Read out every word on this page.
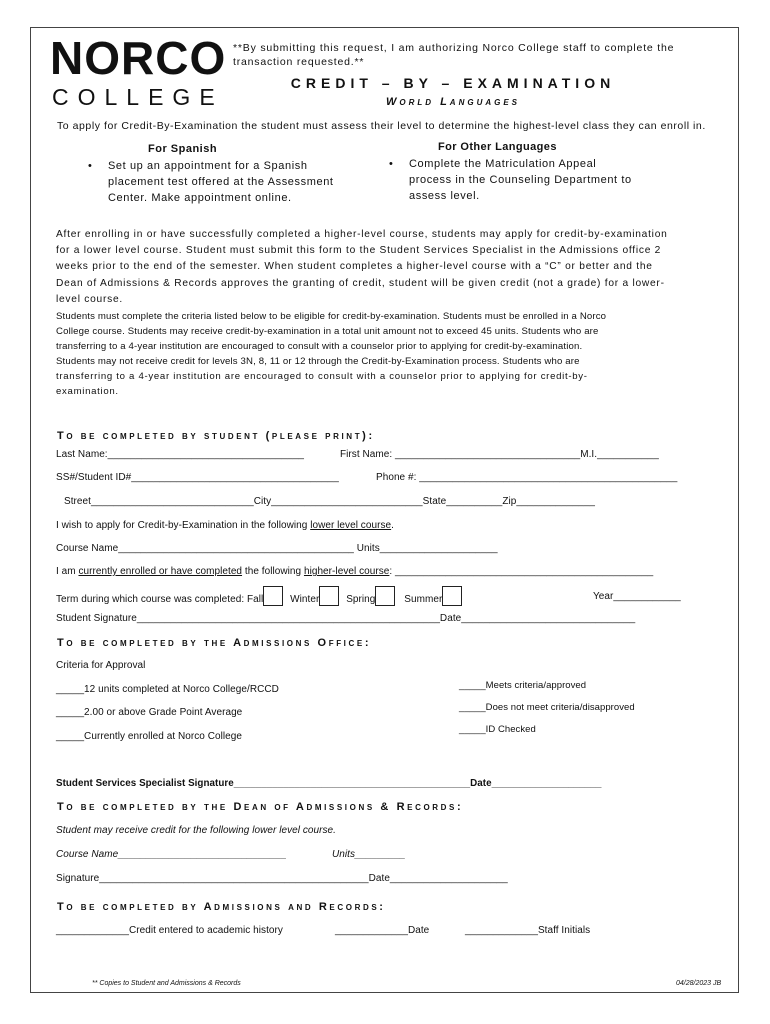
NORCO
COLLEGE
**By submitting this request, I am authorizing Norco College staff to complete the transaction requested.**
CREDIT – BY – EXAMINATION
World Languages
To apply for Credit-By-Examination the student must assess their level to determine the highest-level class they can enroll in.
For Spanish
• Set up an appointment for a Spanish
placement test offered at the Assessment
Center. Make appointment online.
For Other Languages
• Complete the Matriculation Appeal
process in the Counseling Department to
assess level.
After enrolling in or have successfully completed a higher-level course, students may apply for credit-by-examination
for a lower level course. Student must submit this form to the Student Services Specialist in the Admissions office 2
weeks prior to the end of the semester. When student completes a higher-level course with a “C” or better and the
Dean of Admissions & Records approves the granting of credit, student will be given credit (not a grade) for a lower-
level course.
Students must complete the criteria listed below to be eligible for credit-by-examination. Students must be enrolled in a Norco
College course. Students may receive credit-by-examination in a total unit amount not to exceed 45 units. Students who are
transferring to a 4-year institution are encouraged to consult with a counselor prior to applying for credit-by-examination.
Students may not receive credit for levels 3N, 8, 11 or 12 through the Credit-by-Examination process. Students who are
transferring to a 4-year institution are encouraged to consult with a counselor prior to applying for credit-by-
examination.
To be completed by student (please print):
Last Name:___________________________________	First Name: _________________________________M.I.___________
SS#/Student ID#_____________________________________	Phone #: ______________________________________________
Street_____________________________City___________________________State__________Zip______________
I wish to apply for Credit-by-Examination in the following lower level course.
Course Name__________________________________________ Units_____________________
I am currently enrolled or have completed the following higher-level course: ______________________________________________
Term during which course was completed: Fall	Winter	Spring	Summer	Year____________
Student Signature______________________________________________________Date_______________________________
To be completed by the Admissions Office:
Criteria for Approval
_____12 units completed at Norco College/RCCD
_____2.00 or above Grade Point Average
_____Currently enrolled at Norco College
_____Meets criteria/approved
_____Does not meet criteria/disapproved
_____ID Checked
Student Services Specialist Signature___________________________________________Date____________________
To be completed by the Dean of Admissions & Records:
Student may receive credit for the following lower level course.
Course Name______________________________	Units_________
Signature________________________________________________Date_____________________
To be completed by Admissions and Records:
_____________Credit entered to academic history	_____________Date	_____________Staff Initials
** Copies to Student and Admissions & Records	04/28/2023 JB
